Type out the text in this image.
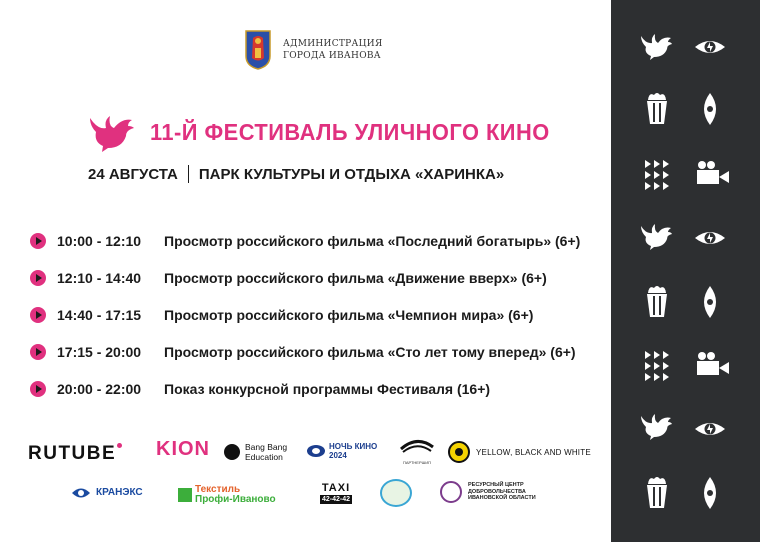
АДМИНИСТРАЦИЯ
ГОРОДА ИВАНОВА
11-Й ФЕСТИВАЛЬ УЛИЧНОГО КИНО
24 АВГУСТА ПАРК КУЛЬТУРЫ И ОТДЫХА «ХАРИНКА»
10:00 - 12:10	Просмотр российского фильма «Последний богатырь» (6+)
12:10 - 14:40	Просмотр российского фильма «Движение вверх» (6+)
14:40 - 17:15	Просмотр российского фильма «Чемпион мира» (6+)
17:15 - 20:00	Просмотр российского фильма «Сто лет тому вперед» (6+)
20:00 - 22:00	Показ конкурсной программы Фестиваля (16+)
RUTUBE	KION	Bang Bang
Education
НОЧЬ КИНО
2024
ПАРТНЕРШИП
YELLOW, BLACK AND WHITE
КРАНЭКС	Текстиль
Профи-Иваново
TAXI
42-42-42
РЕСУРСНЫЙ ЦЕНТР
ДОБРОВОЛЬЧЕСТВА
ИВАНОВСКОЙ ОБЛАСТИ
